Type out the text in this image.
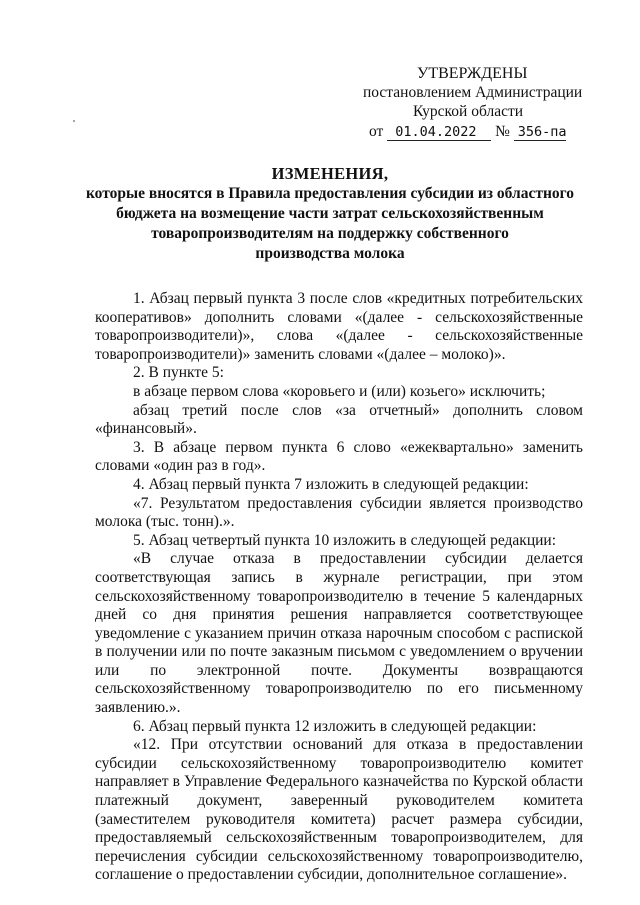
УТВЕРЖДЕНЫ
постановлением Администрации
Курской области
от 01.04.2022 № 356-па
ИЗМЕНЕНИЯ,
которые вносятся в Правила предоставления субсидии из областного
бюджета на возмещение части затрат сельскохозяйственным
товаропроизводителям на поддержку собственного
производства молока

1. Абзац первый пункта 3 после слов «кредитных потребительских кооперативов» дополнить словами «(далее - сельскохозяйственные товаропроизводители)», слова «(далее - сельскохозяйственные товаропроизводители)» заменить словами «(далее – молоко)».

2. В пункте 5:

в абзаце первом слова «коровьего и (или) козьего» исключить;

абзац третий после слов «за отчетный» дополнить словом «финансовый».

3. В абзаце первом пункта 6 слово «ежеквартально» заменить словами «один раз в год».

4. Абзац первый пункта 7 изложить в следующей редакции:

«7. Результатом предоставления субсидии является производство молока (тыс. тонн).».

5. Абзац четвертый пункта 10 изложить в следующей редакции:

«В случае отказа в предоставлении субсидии делается соответствующая запись в журнале регистрации, при этом сельскохозяйственному товаропроизводителю в течение 5 календарных дней со дня принятия решения направляется соответствующее уведомление с указанием причин отказа нарочным способом с распиской в получении или по почте заказным письмом с уведомлением о вручении или по электронной почте. Документы возвращаются сельскохозяйственному товаропроизводителю по его письменному заявлению.».

6. Абзац первый пункта 12 изложить в следующей редакции:

«12. При отсутствии оснований для отказа в предоставлении субсидии сельскохозяйственному товаропроизводителю комитет направляет в Управление Федерального казначейства по Курской области платежный документ, заверенный руководителем комитета (заместителем руководителя комитета) расчет размера субсидии, предоставляемый сельскохозяйственным товаропроизводителем, для перечисления субсидии сельскохозяйственному товаропроизводителю, соглашение о предоставлении субсидии, дополнительное соглашение».
